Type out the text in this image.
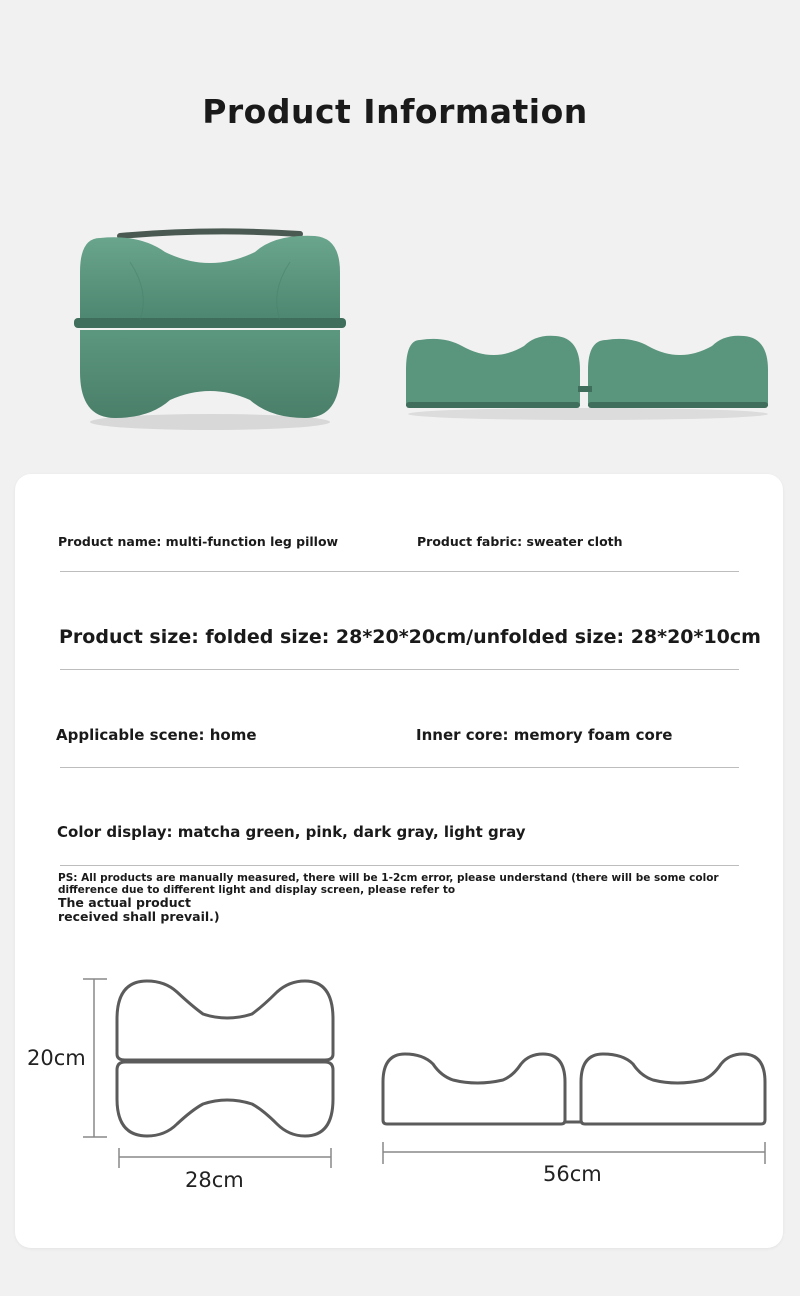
Product Information
Product name: multi-function leg pillow	Product fabric: sweater cloth
Product size: folded size: 28*20*20cm/unfolded size: 28*20*10cm
Applicable scene: home	Inner core: memory foam core
Color display: matcha green, pink, dark gray, light gray
PS: All products are manually measured, there will be 1-2cm error, please understand (there will be some color difference due to different light and display screen, please refer to
The actual product
received shall prevail.)
20cm
28cm	56cm
